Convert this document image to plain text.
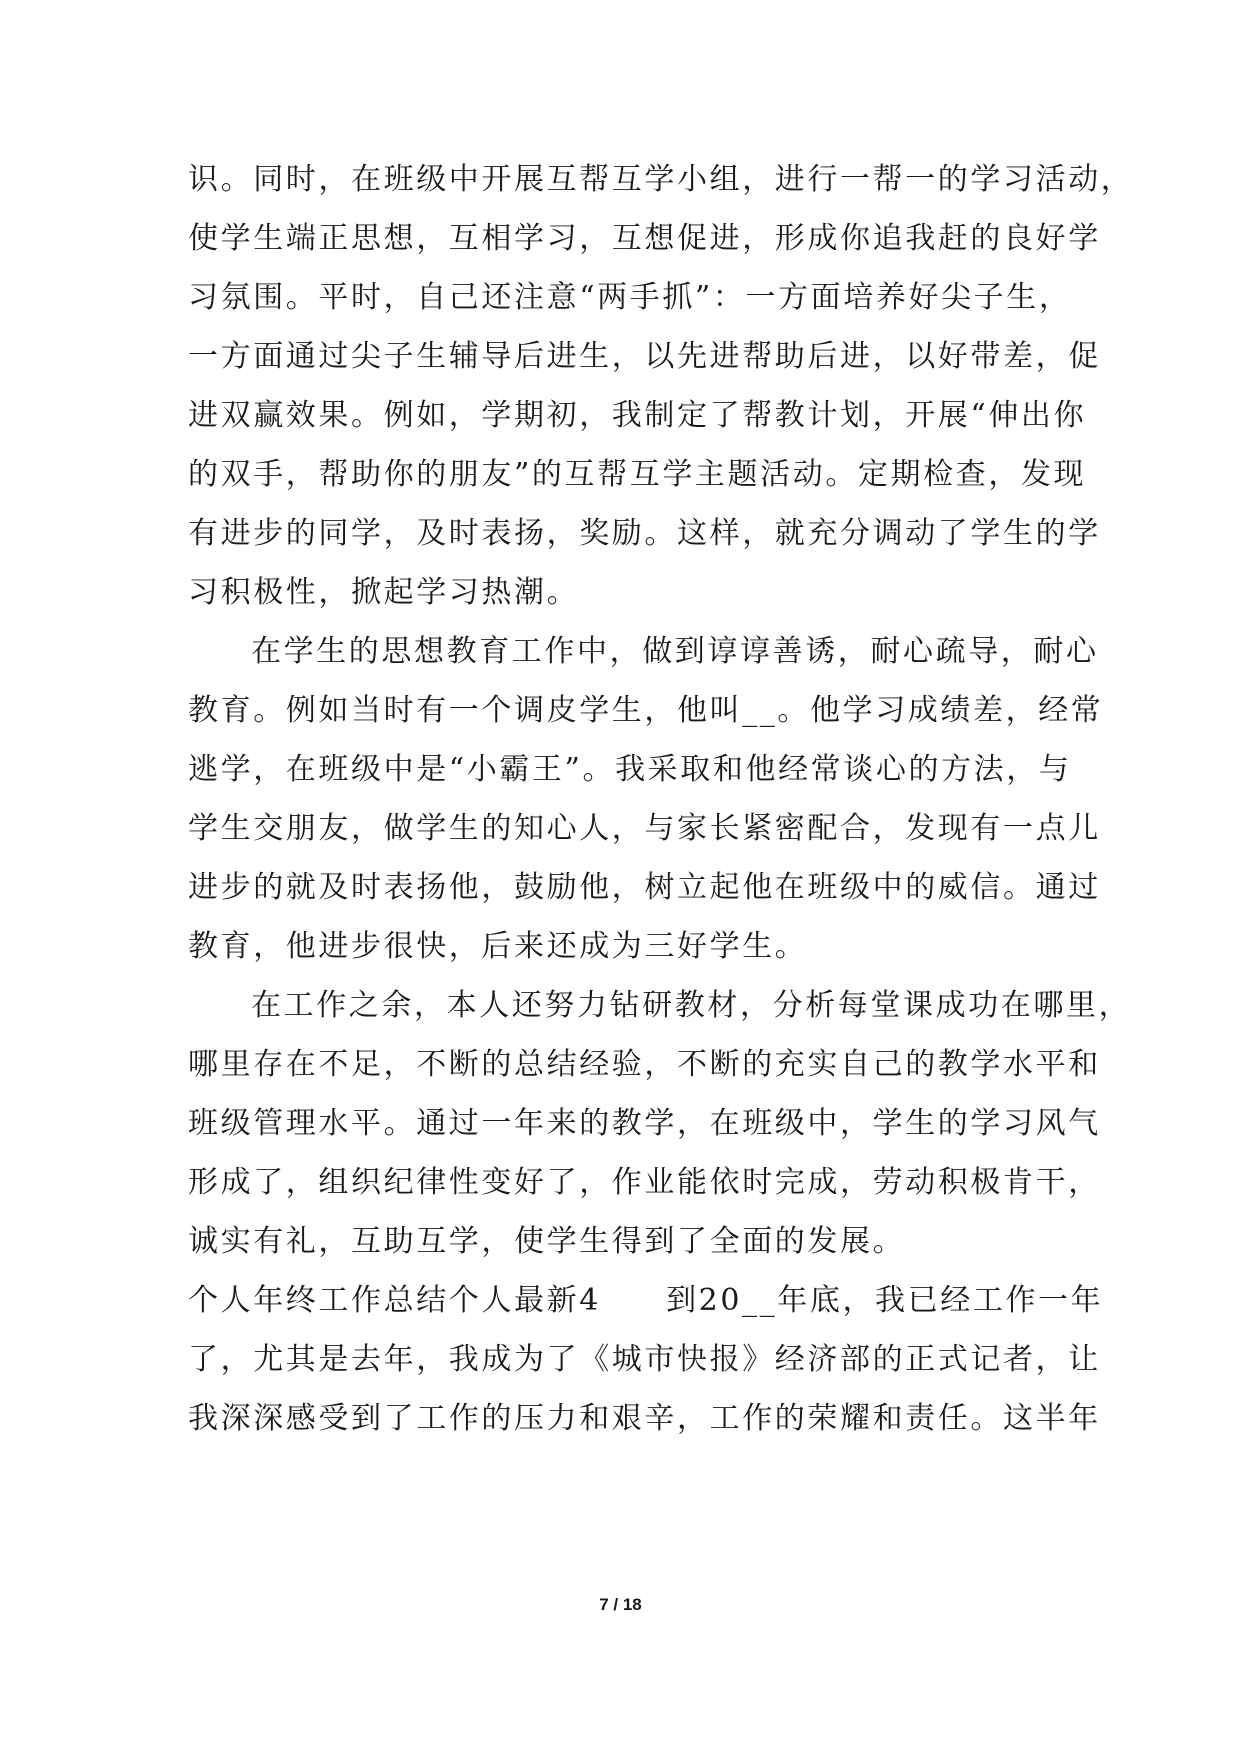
识。同时，在班级中开展互帮互学小组，进行一帮一的学习活动，

使学生端正思想，互相学习，互想促进，形成你追我赶的良好学

习氛围。平时，自己还注意“两手抓”：一方面培养好尖子生，

一方面通过尖子生辅导后进生，以先进帮助后进，以好带差，促

进双赢效果。例如，学期初，我制定了帮教计划，开展“伸出你

的双手，帮助你的朋友”的互帮互学主题活动。定期检查，发现

有进步的同学，及时表扬，奖励。这样，就充分调动了学生的学

习积极性，掀起学习热潮。

在学生的思想教育工作中，做到谆谆善诱，耐心疏导，耐心

教育。例如当时有一个调皮学生，他叫__。他学习成绩差，经常

逃学，在班级中是“小霸王”。我采取和他经常谈心的方法，与

学生交朋友，做学生的知心人，与家长紧密配合，发现有一点儿

进步的就及时表扬他，鼓励他，树立起他在班级中的威信。通过

教育，他进步很快，后来还成为三好学生。

在工作之余，本人还努力钻研教材，分析每堂课成功在哪里，

哪里存在不足，不断的总结经验，不断的充实自己的教学水平和

班级管理水平。通过一年来的教学，在班级中，学生的学习风气

形成了，组织纪律性变好了，作业能依时完成，劳动积极肯干，

诚实有礼，互助互学，使学生得到了全面的发展。

个人年终工作总结个人最新4　　到20__年底，我已经工作一年

了，尤其是去年，我成为了《城市快报》经济部的正式记者，让

我深深感受到了工作的压力和艰辛，工作的荣耀和责任。这半年

7 / 18
